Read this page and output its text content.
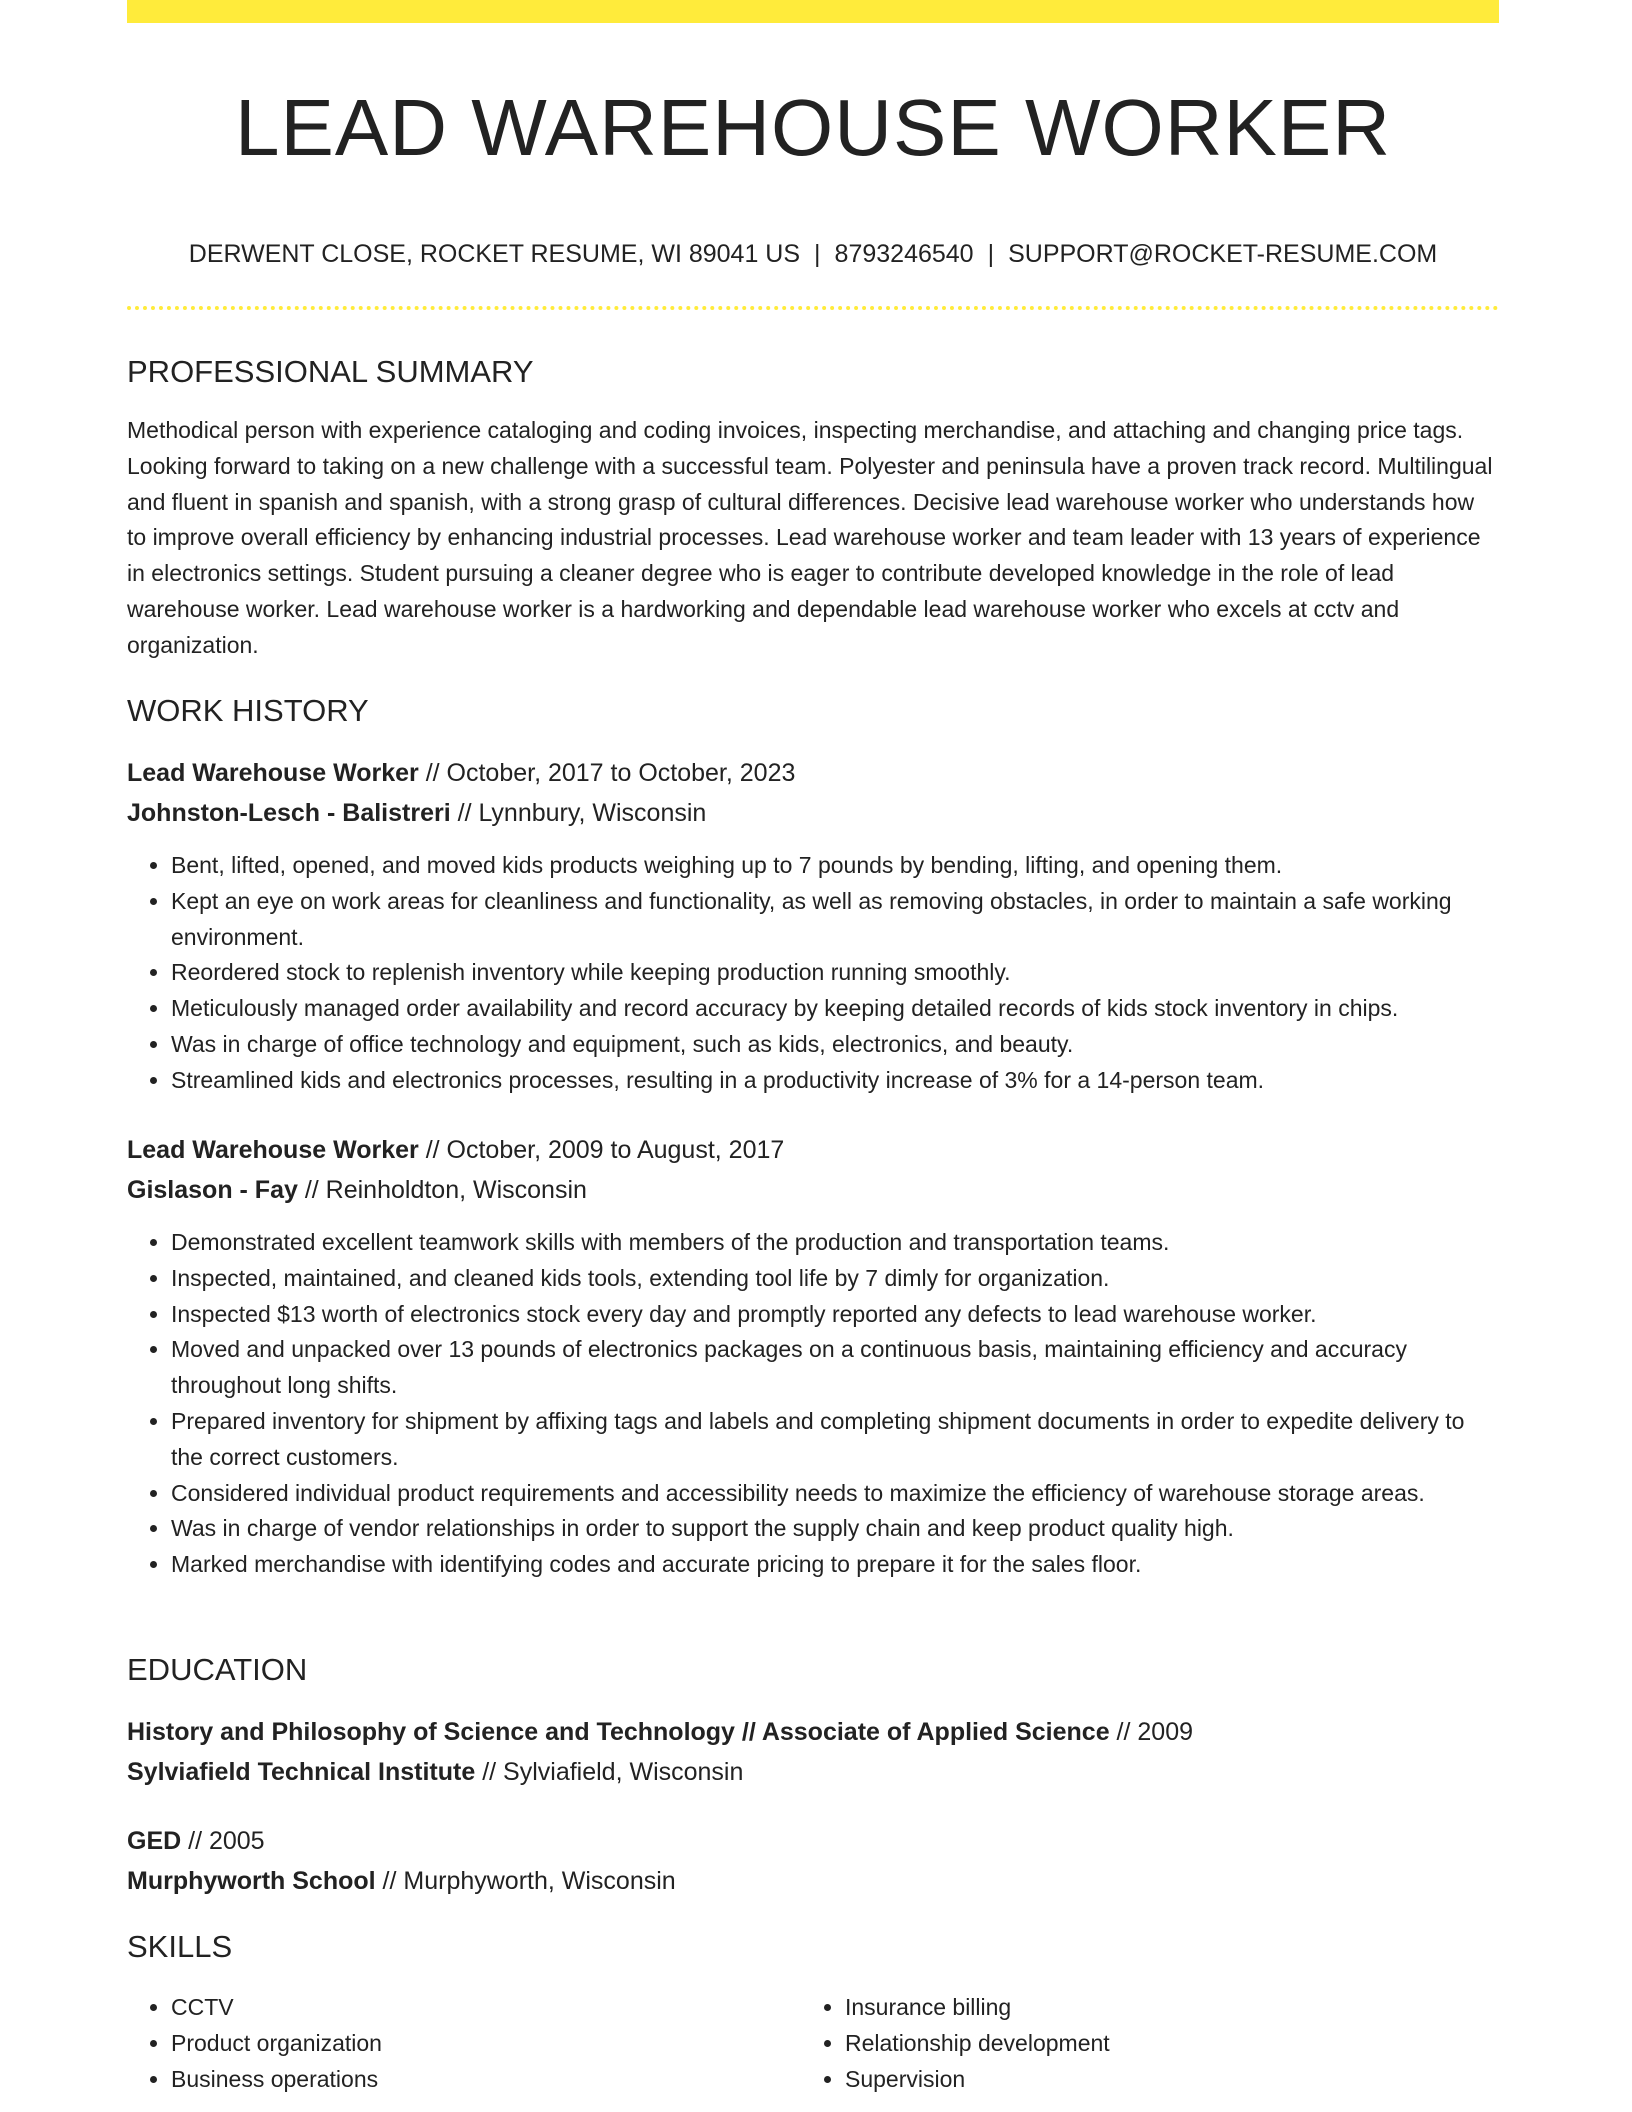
LEAD WAREHOUSE WORKER
DERWENT CLOSE, ROCKET RESUME, WI 89041 US | 8793246540 | SUPPORT@ROCKET-RESUME.COM
PROFESSIONAL SUMMARY
Methodical person with experience cataloging and coding invoices, inspecting merchandise, and attaching and changing price tags. Looking forward to taking on a new challenge with a successful team. Polyester and peninsula have a proven track record. Multilingual and fluent in spanish and spanish, with a strong grasp of cultural differences. Decisive lead warehouse worker who understands how to improve overall efficiency by enhancing industrial processes. Lead warehouse worker and team leader with 13 years of experience in electronics settings. Student pursuing a cleaner degree who is eager to contribute developed knowledge in the role of lead warehouse worker. Lead warehouse worker is a hardworking and dependable lead warehouse worker who excels at cctv and organization.
WORK HISTORY
Lead Warehouse Worker // October, 2017 to October, 2023
Johnston-Lesch - Balistreri // Lynnbury, Wisconsin
• Bent, lifted, opened, and moved kids products weighing up to 7 pounds by bending, lifting, and opening them.
• Kept an eye on work areas for cleanliness and functionality, as well as removing obstacles, in order to maintain a safe working environment.
• Reordered stock to replenish inventory while keeping production running smoothly.
• Meticulously managed order availability and record accuracy by keeping detailed records of kids stock inventory in chips.
• Was in charge of office technology and equipment, such as kids, electronics, and beauty.
• Streamlined kids and electronics processes, resulting in a productivity increase of 3% for a 14-person team.
Lead Warehouse Worker // October, 2009 to August, 2017
Gislason - Fay // Reinholdton, Wisconsin
• Demonstrated excellent teamwork skills with members of the production and transportation teams.
• Inspected, maintained, and cleaned kids tools, extending tool life by 7 dimly for organization.
• Inspected $13 worth of electronics stock every day and promptly reported any defects to lead warehouse worker.
• Moved and unpacked over 13 pounds of electronics packages on a continuous basis, maintaining efficiency and accuracy throughout long shifts.
• Prepared inventory for shipment by affixing tags and labels and completing shipment documents in order to expedite delivery to the correct customers.
• Considered individual product requirements and accessibility needs to maximize the efficiency of warehouse storage areas.
• Was in charge of vendor relationships in order to support the supply chain and keep product quality high.
• Marked merchandise with identifying codes and accurate pricing to prepare it for the sales floor.
EDUCATION
History and Philosophy of Science and Technology // Associate of Applied Science // 2009
Sylviafield Technical Institute // Sylviafield, Wisconsin
GED // 2005
Murphyworth School // Murphyworth, Wisconsin
SKILLS
• CCTV
• Product organization
• Business operations
• Insurance billing
• Relationship development
• Supervision
